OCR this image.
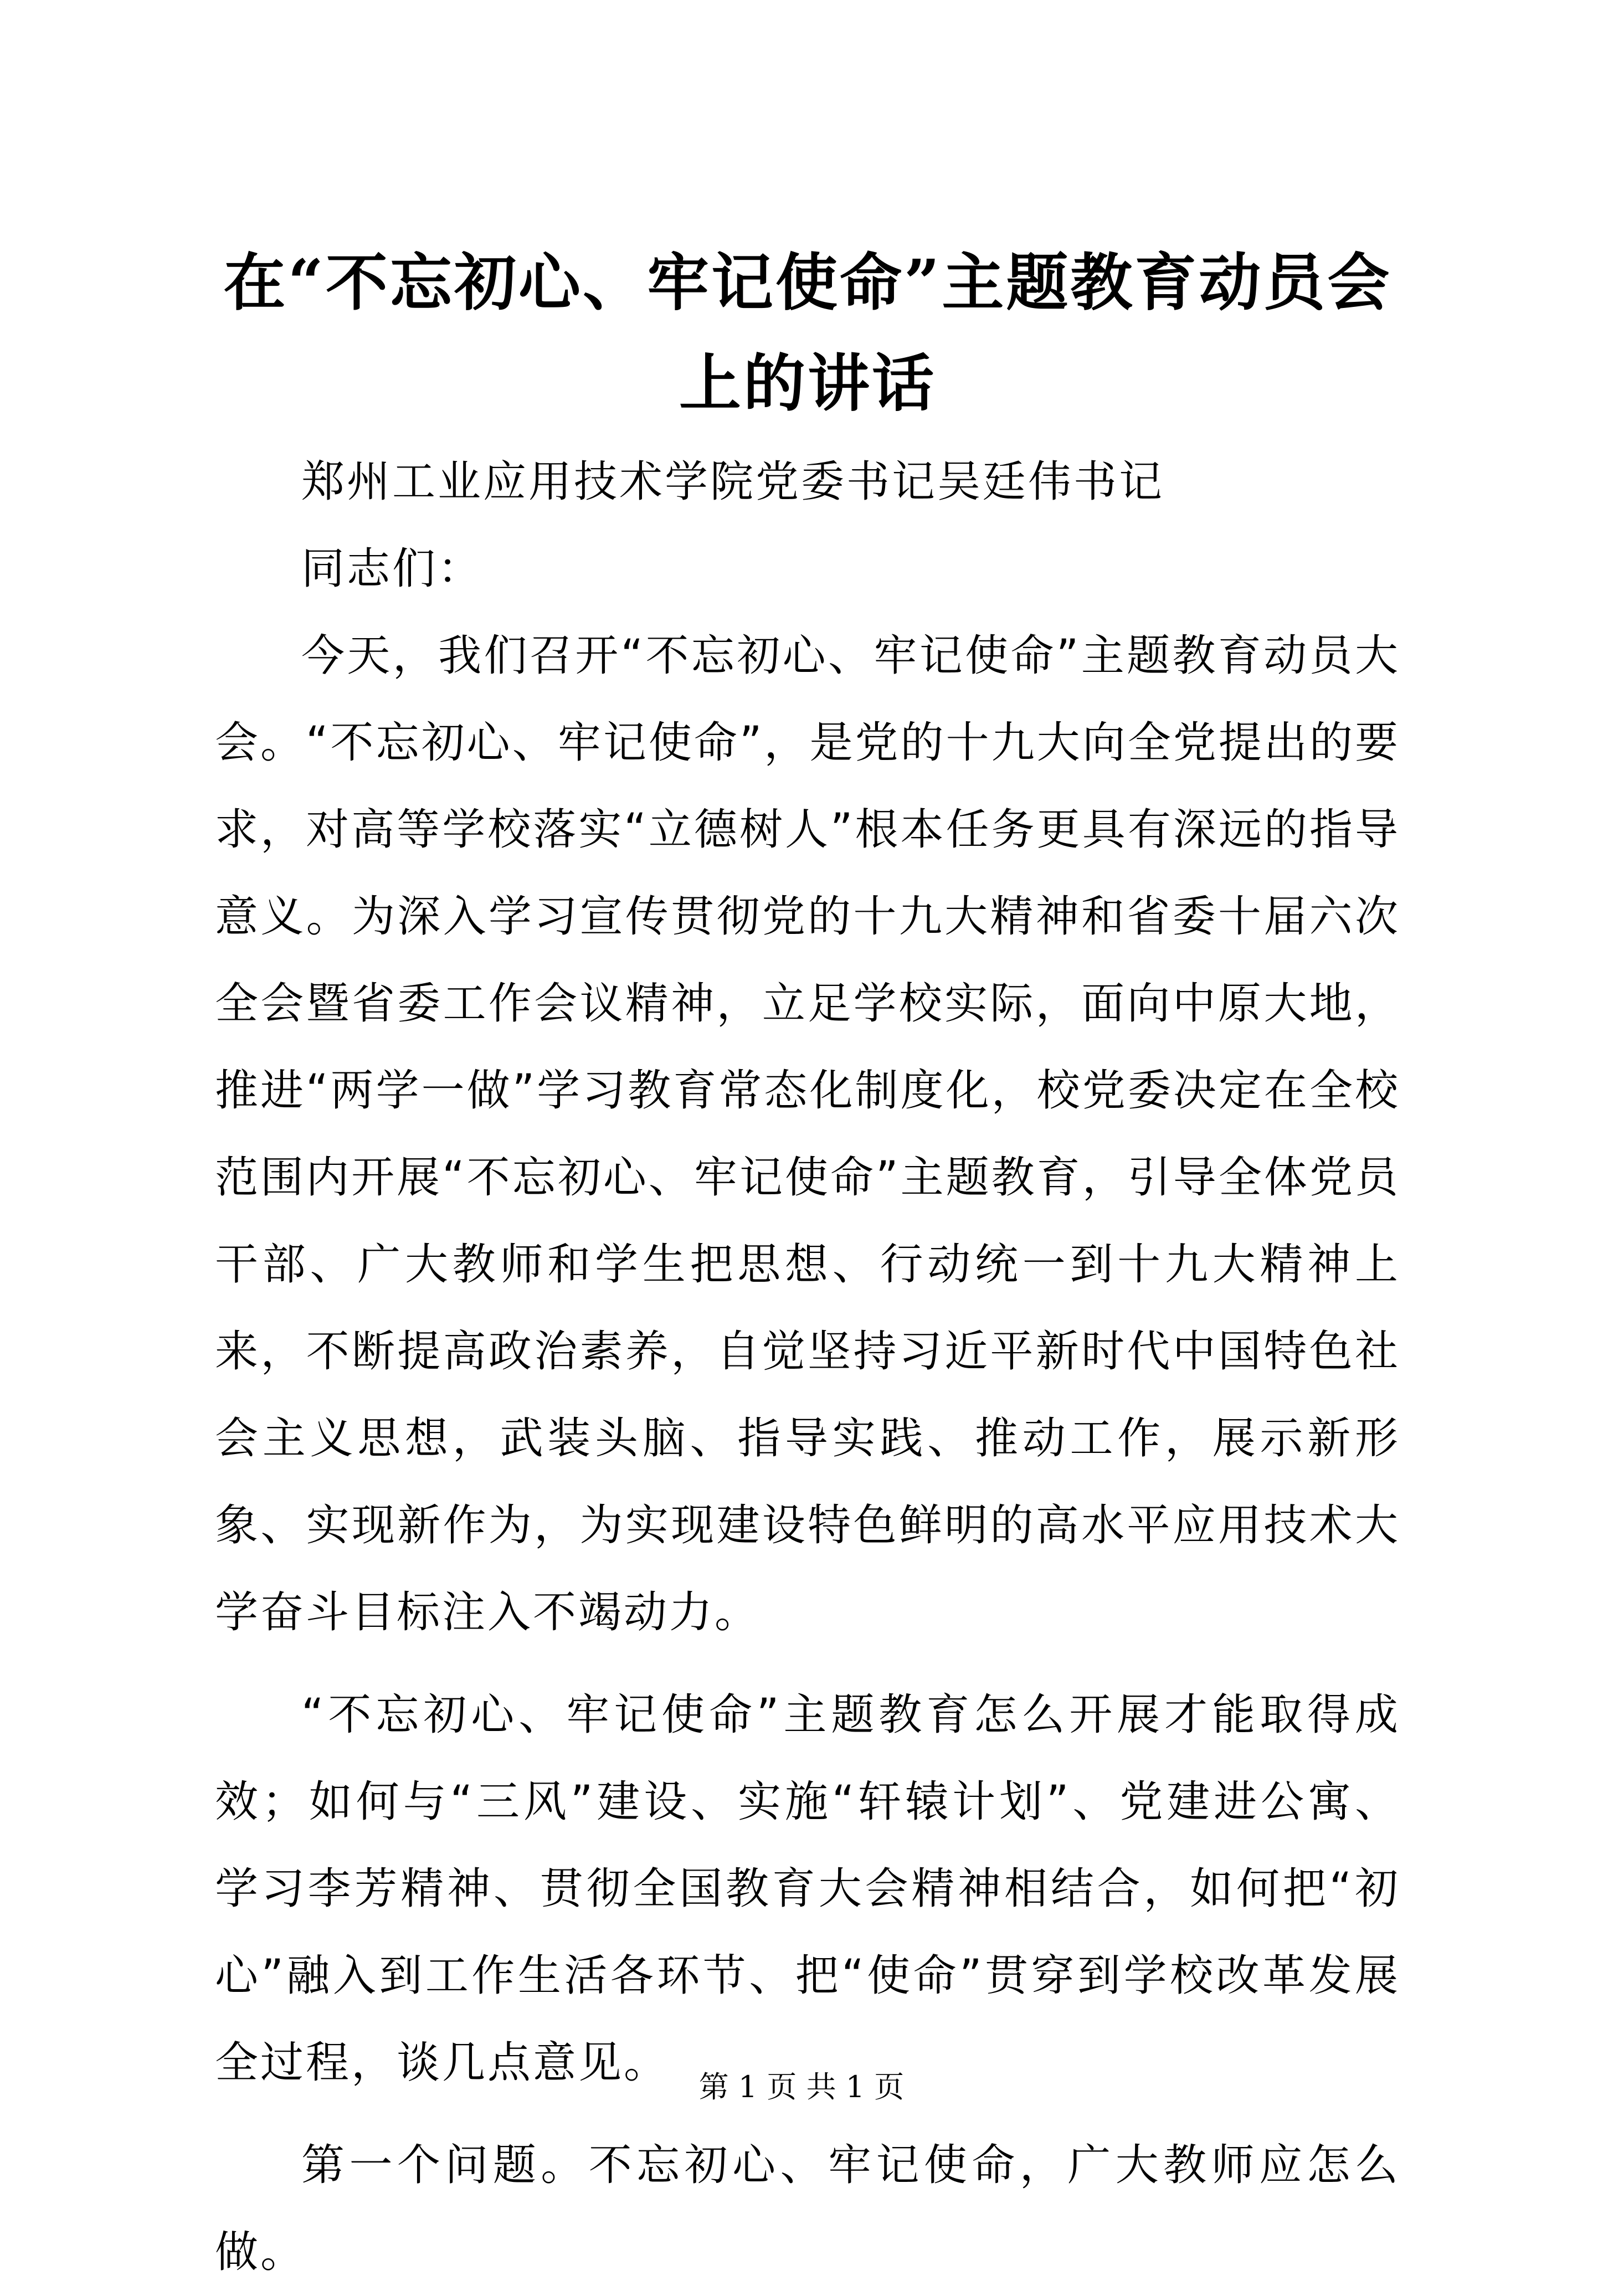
在“不忘初心、牢记使命”主题教育动员会上的讲话

郑州工业应用技术学院党委书记吴廷伟书记

同志们：

今天，我们召开“不忘初心、牢记使命”主题教育动员大会。“不忘初心、牢记使命”，是党的十九大向全党提出的要求，对高等学校落实“立德树人”根本任务更具有深远的指导意义。为深入学习宣传贯彻党的十九大精神和省委十届六次全会暨省委工作会议精神，立足学校实际，面向中原大地，推进“两学一做”学习教育常态化制度化，校党委决定在全校范围内开展“不忘初心、牢记使命”主题教育，引导全体党员干部、广大教师和学生把思想、行动统一到十九大精神上来，不断提高政治素养，自觉坚持习近平新时代中国特色社会主义思想，武装头脑、指导实践、推动工作，展示新形象、实现新作为，为实现建设特色鲜明的高水平应用技术大学奋斗目标注入不竭动力。

“不忘初心、牢记使命”主题教育怎么开展才能取得成效；如何与“三风”建设、实施“轩辕计划”、党建进公寓、学习李芳精神、贯彻全国教育大会精神相结合，如何把“初心”融入到工作生活各环节、把“使命”贯穿到学校改革发展全过程，谈几点意见。

第一个问题。不忘初心、牢记使命，广大教师应怎么做。

第 1 页 共 1 页
